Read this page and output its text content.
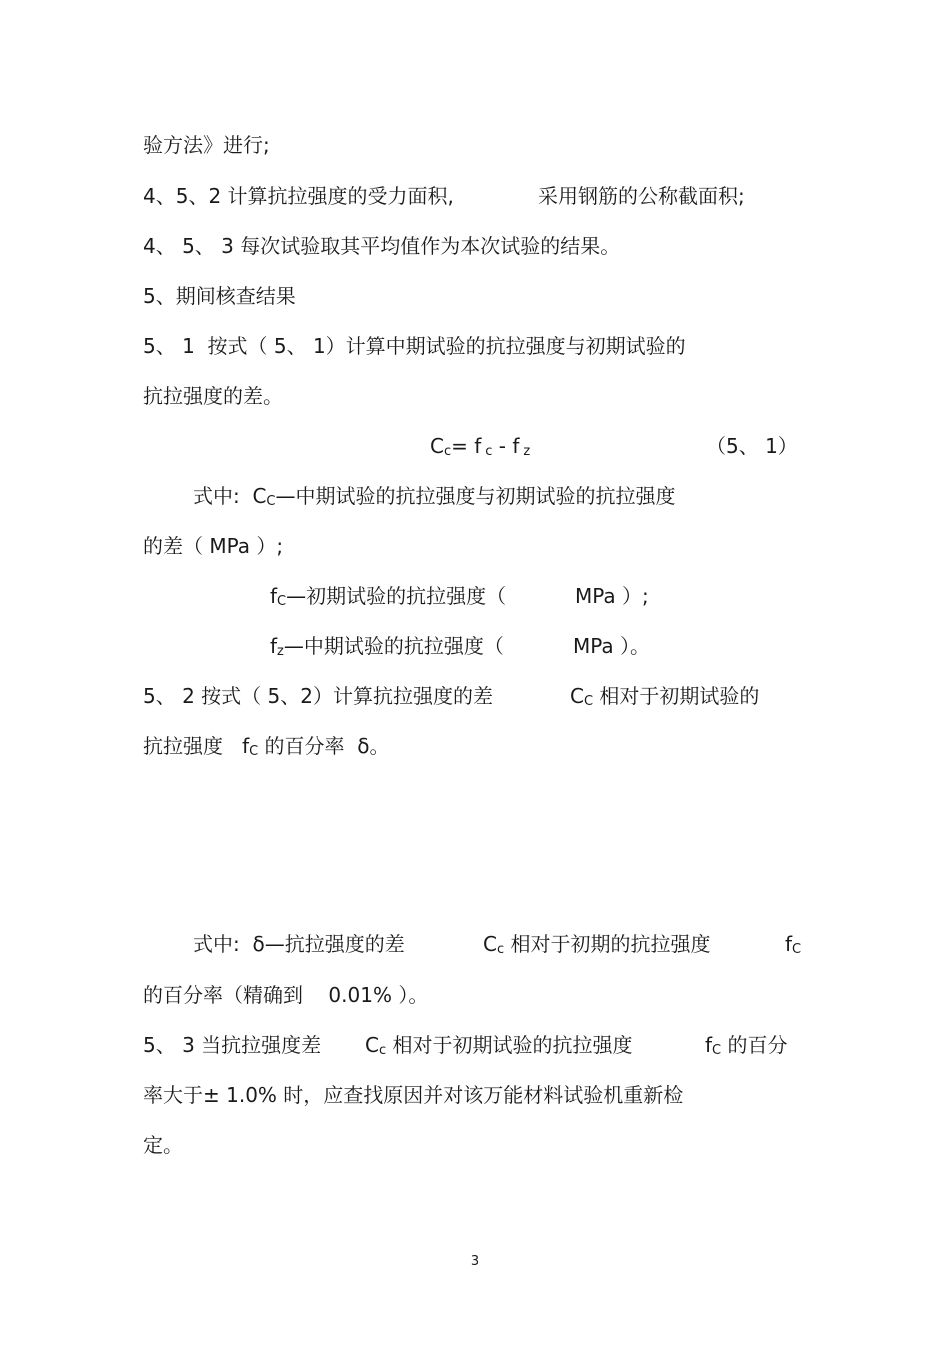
验方法》进行;
4、5、2 计算抗拉强度的受力面积,	采用钢筋的公称截面积;
4、 5、 3 每次试验取其平均值作为本次试验的结果。
5、期间核查结果
5、 1  按式（ 5、 1）计算中期试验的抗拉强度与初期试验的
抗拉强度的差。
Cc= f c - f z	（5、 1）
式中:  CC—中期试验的抗拉强度与初期试验的抗拉强度
的差（ MPa ）;
fC—初期试验的抗拉强度（	MPa ）;
fz—中期试验的抗拉强度（	MPa ）。
5、 2 按式（ 5、2）计算抗拉强度的差	CC 相对于初期试验的
抗拉强度   fC 的百分率  δ。
式中:  δ—抗拉强度的差	Cc 相对于初期的抗拉强度	fC
的百分率（精确到    0.01% ）。
5、 3 当抗拉强度差 Cc 相对于初期试验的抗拉强度	fC 的百分
率大于± 1.0% 时，应查找原因并对该万能材料试验机重新检
定。
3
